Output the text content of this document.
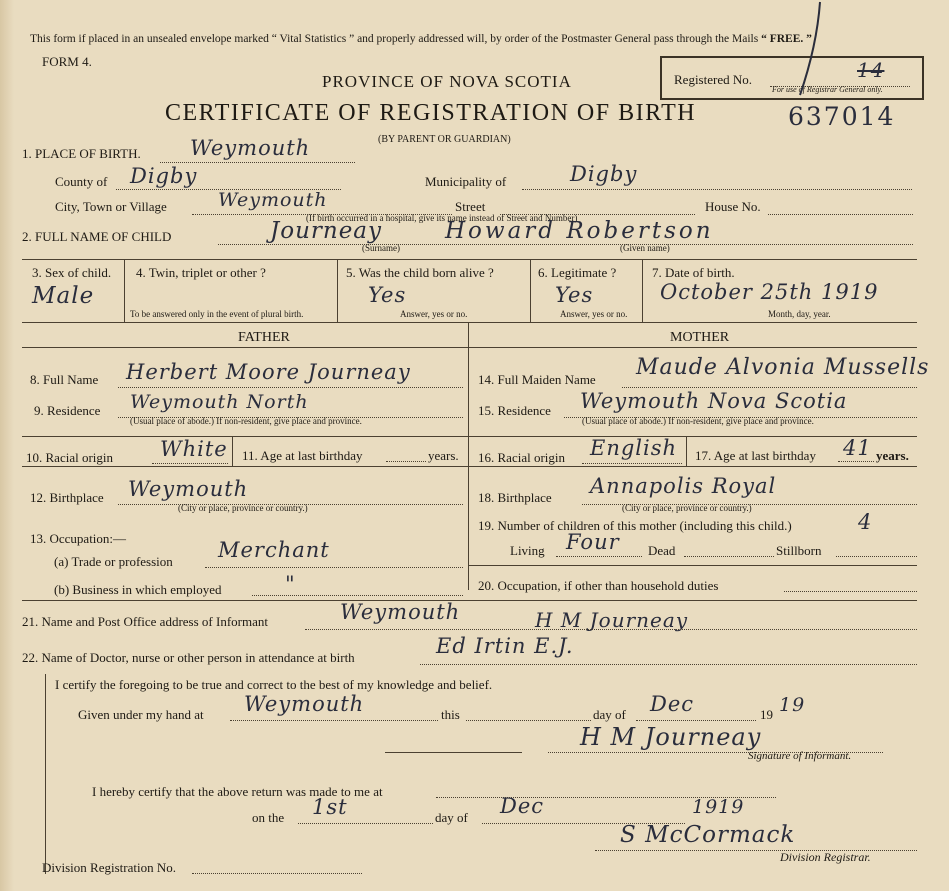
This form if placed in an unsealed envelope marked “ Vital Statistics ” and properly addressed will, by order of the Postmaster General pass through the Mails “ FREE. ”
FORM 4.
PROVINCE OF NOVA SCOTIA
CERTIFICATE OF REGISTRATION OF BIRTH	637014
(BY PARENT OR GUARDIAN)
Registered No.	14
For use of Registrar General only.
1. PLACE OF BIRTH. Weymouth
County of Digby	Municipality of	Digby
City, Town or Village	Weymouth	Street	House No.
(If birth occurred in a hospital, give its name instead of Street and Number)
2. FULL NAME OF CHILD	Journeay	Howard Robertson
(Surname)	(Given name)
3. Sex of child.
Male
4. Twin, triplet or other ?
To be answered only in the event of plural birth.
5. Was the child born alive ?
Yes
Answer, yes or no.
6. Legitimate ?
Yes
Answer, yes or no.
7. Date of birth.
October 25th 1919
Month, day, year.
FATHER	MOTHER
8. Full Name Herbert Moore Journeay
9. Residence Weymouth North
(Usual place of abode.) If non-resident, give place and province.
10. Racial origin White 11. Age at last birthday	years.
12. Birthplace Weymouth
(City or place, province or country.)
13. Occupation:—
(a) Trade or profession Merchant
(b) Business in which employed	"
14. Full Maiden Name Maude Alvonia Mussells
15. Residence Weymouth Nova Scotia
(Usual place of abode.) If non-resident, give place and province.
16. Racial origin English 17. Age at last birthday 41 years.
18. Birthplace Annapolis Royal
(City or place, province or country.)
19. Number of children of this mother (including this child.)	4
Living Four Dead	Stillborn
20. Occupation, if other than household duties
21. Name and Post Office address of Informant	Weymouth	H M Journeay
22. Name of Doctor, nurse or other person in attendance at birth	Ed Irtin E.J.
I certify the foregoing to be true and correct to the best of my knowledge and belief.
Given under my hand at Weymouth	this	day of Dec	19 19
H M Journeay
Signature of Informant.
I hereby certify that the above return was made to me at
on the 1st	day of Dec	1919
S McCormack
Division Registrar.
Division Registration No.
